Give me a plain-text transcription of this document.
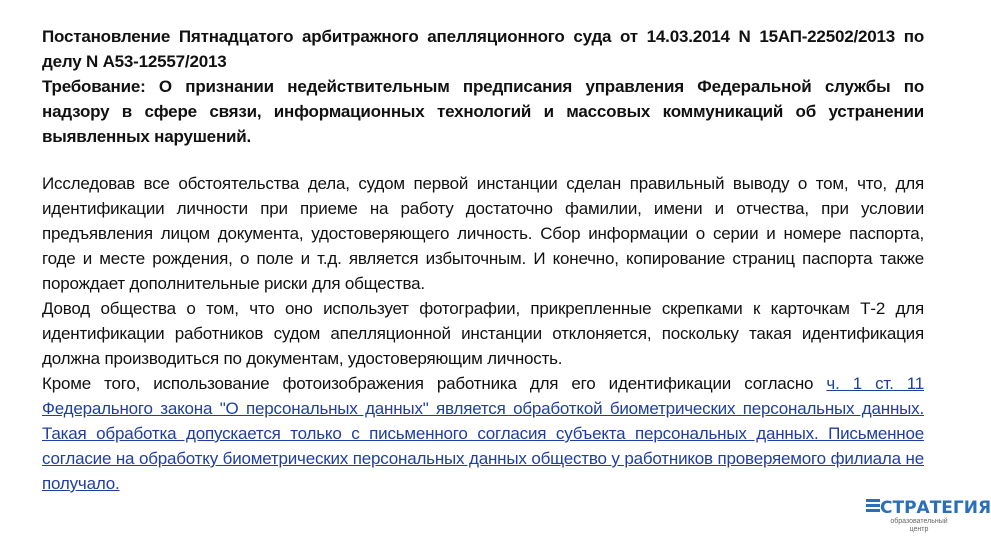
Постановление Пятнадцатого арбитражного апелляционного суда от 14.03.2014 N 15АП-22502/2013 по делу N А53-12557/2013

Требование: О признании недействительным предписания управления Федеральной службы по надзору в сфере связи, информационных технологий и массовых коммуникаций об устранении выявленных нарушений.

Исследовав все обстоятельства дела, судом первой инстанции сделан правильный выводу о том, что, для идентификации личности при приеме на работу достаточно фамилии, имени и отчества, при условии предъявления лицом документа, удостоверяющего личность. Сбор информации о серии и номере паспорта, годе и месте рождения, о поле и т.д. является избыточным. И конечно, копирование страниц паспорта также порождает дополнительные риски для общества.

Довод общества о том, что оно использует фотографии, прикрепленные скрепками к карточкам Т-2 для идентификации работников судом апелляционной инстанции отклоняется, поскольку такая идентификация должна производиться по документам, удостоверяющим личность.

Кроме того, использование фотоизображения работника для его идентификации согласно ч. 1 ст. 11 Федерального закона "О персональных данных" является обработкой биометрических персональных данных. Такая обработка допускается только с письменного согласия субъекта персональных данных. Письменное согласие на обработку биометрических персональных данных общество у работников проверяемого филиала не получало.

СТРАТЕГИЯ
образовательный центр
